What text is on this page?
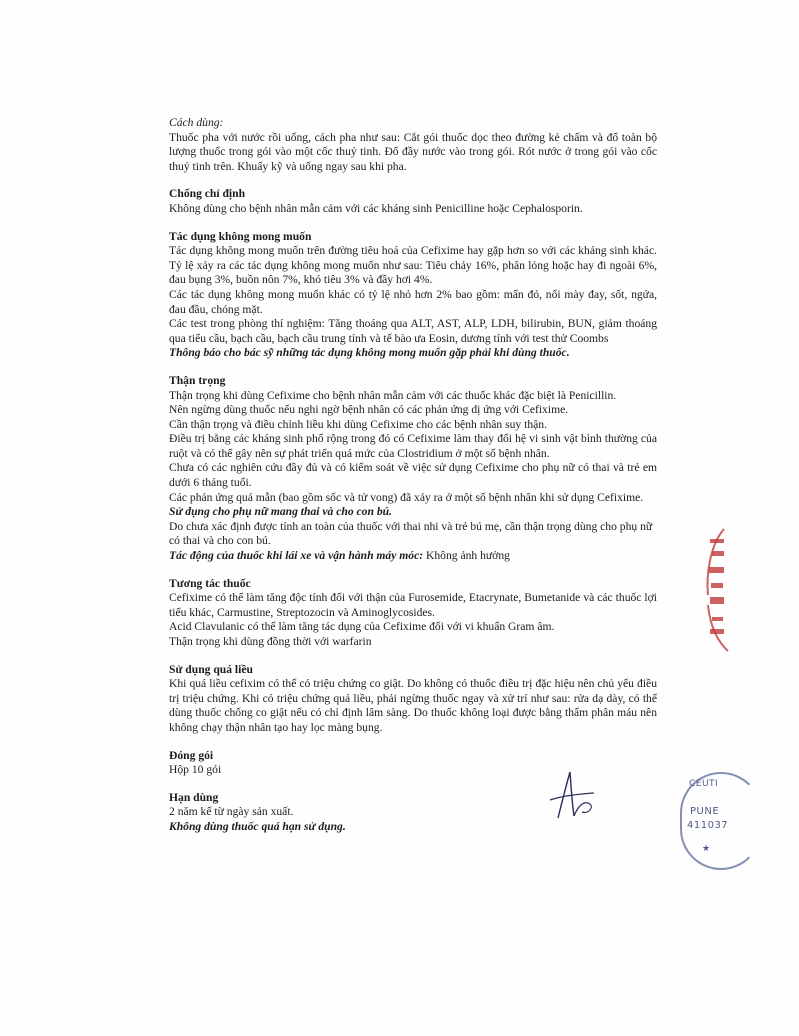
Cách dùng:

Thuốc pha với nước rồi uống, cách pha như sau: Cắt gói thuốc dọc theo đường kẻ chấm và đổ toàn bộ lượng thuốc trong gói vào một cốc thuỷ tinh. Đổ đầy nước vào trong gói. Rót nước ở trong gói vào cốc thuỷ tinh trên. Khuấy kỹ và uống ngay sau khi pha.

Chống chỉ định

Không dùng cho bệnh nhân mẫn cảm với các kháng sinh Penicilline hoặc Cephalosporin.

Tác dụng không mong muốn

Tác dụng không mong muốn trên đường tiêu hoá của Cefixime hay gặp hơn so với các kháng sinh khác. Tỷ lệ xảy ra các tác dụng không mong muốn như sau: Tiêu chảy 16%, phân lỏng hoặc hay đi ngoài 6%, đau bụng 3%, buồn nôn 7%, khó tiêu 3% và đầy hơi 4%.

Các tác dụng không mong muốn khác có tỷ lệ nhỏ hơn 2% bao gồm: mẩn đỏ, nổi mày đay, sốt, ngứa, đau đầu, chóng mặt.

Các test trong phòng thí nghiệm: Tăng thoáng qua ALT, AST, ALP, LDH, bilirubin, BUN, giảm thoáng qua tiểu cầu, bạch cầu, bạch cầu trung tính và tế bào ưa Eosin, dương tính với test thử Coombs

Thông báo cho bác sỹ những tác dụng không mong muốn gặp phải khi dùng thuốc.

Thận trọng

Thận trọng khi dùng Cefixime cho bệnh nhân mẫn cảm với các thuốc khác đặc biệt là Penicillin.

Nên ngừng dùng thuốc nếu nghi ngờ bệnh nhân có các phản ứng dị ứng với Cefixime.

Cần thận trọng và điều chỉnh liều khi dùng Cefixime cho các bệnh nhân suy thận.

Điều trị bằng các kháng sinh phổ rộng trong đó có Cefixime làm thay đổi hệ vi sinh vật bình thường của ruột và có thể gây nên sự phát triển quá mức của Clostridium ở một số bệnh nhân.

Chưa có các nghiên cứu đầy đủ và có kiểm soát về việc sử dụng Cefixime cho phụ nữ có thai và trẻ em dưới 6 tháng tuổi.

Các phản ứng quá mẫn (bao gồm sốc và tử vong) đã xảy ra ở một số bệnh nhân khi sử dụng Cefixime.

Sử dụng cho phụ nữ mang thai và cho con bú.

Do chưa xác định được tính an toàn của thuốc với thai nhi và trẻ bú mẹ, cần thận trọng dùng cho phụ nữ có thai và cho con bú.

Tác động của thuốc khi lái xe và vận hành máy móc: Không ảnh hưởng

Tương tác thuốc

Cefixime có thể làm tăng độc tính đối với thận của Furosemide, Etacrynate, Bumetanide và các thuốc lợi tiểu khác, Carmustine, Streptozocin và Aminoglycosides.

Acid Clavulanic có thể làm tăng tác dụng của Cefixime đối với vi khuẩn Gram âm.

Thận trọng khi dùng đồng thời với warfarin

Sử dụng quá liều

Khi quá liều cefixim có thể có triệu chứng co giật. Do không có thuốc điều trị đặc hiệu nên chủ yếu điều trị triệu chứng. Khi có triệu chứng quá liều, phải ngừng thuốc ngay và xử trí như sau: rửa dạ dày, có thể dùng thuốc chống co giật nếu có chỉ định lâm sàng. Do thuốc không loại được bằng thẩm phân máu nên không chạy thận nhân tạo hay lọc màng bụng.

Đóng gói

Hộp 10 gói

Hạn dùng

2 năm kể từ ngày sản xuất.

Không dùng thuốc quá hạn sử dụng.

CEUTI
PUNE
411037
★
